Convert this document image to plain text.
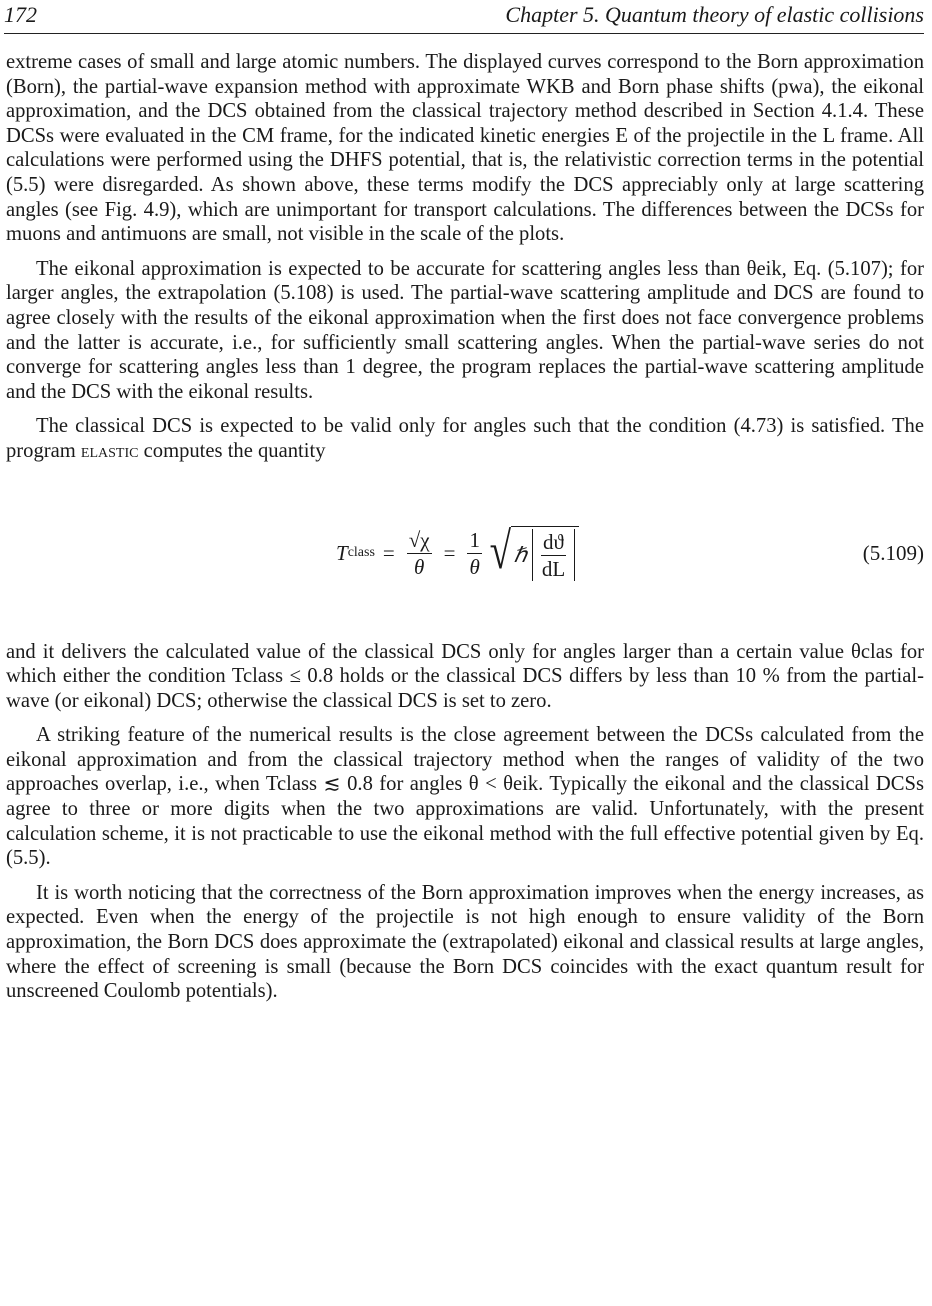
172	Chapter 5. Quantum theory of elastic collisions

extreme cases of small and large atomic numbers. The displayed curves correspond to the Born approximation (Born), the partial-wave expansion method with approximate WKB and Born phase shifts (pwa), the eikonal approximation, and the DCS obtained from the classical trajectory method described in Section 4.1.4. These DCSs were evaluated in the CM frame, for the indicated kinetic energies E of the projectile in the L frame. All calculations were performed using the DHFS potential, that is, the relativistic correction terms in the potential (5.5) were disregarded. As shown above, these terms modify the DCS appreciably only at large scattering angles (see Fig. 4.9), which are unimportant for transport calculations. The differences between the DCSs for muons and antimuons are small, not visible in the scale of the plots.

The eikonal approximation is expected to be accurate for scattering angles less than θeik, Eq. (5.107); for larger angles, the extrapolation (5.108) is used. The partial-wave scattering amplitude and DCS are found to agree closely with the results of the eikonal approximation when the first does not face convergence problems and the latter is accurate, i.e., for sufficiently small scattering angles. When the partial-wave series do not converge for scattering angles less than 1 degree, the program replaces the partial-wave scattering amplitude and the DCS with the eikonal results.

The classical DCS is expected to be valid only for angles such that the condition (4.73) is satisfied. The program elastic computes the quantity

T class = $\frac{√\chi}{\theta} = \frac{1}{\theta}$ √ ℏ $\frac{dϑ}{dL}$	(5.109)

and it delivers the calculated value of the classical DCS only for angles larger than a certain value θclas for which either the condition Tclass ≤ 0.8 holds or the classical DCS differs by less than 10 % from the partial-wave (or eikonal) DCS; otherwise the classical DCS is set to zero.

A striking feature of the numerical results is the close agreement between the DCSs calculated from the eikonal approximation and from the classical trajectory method when the ranges of validity of the two approaches overlap, i.e., when Tclass ≲ 0.8 for angles θ < θeik. Typically the eikonal and the classical DCSs agree to three or more digits when the two approximations are valid. Unfortunately, with the present calculation scheme, it is not practicable to use the eikonal method with the full effective potential given by Eq. (5.5).

It is worth noticing that the correctness of the Born approximation improves when the energy increases, as expected. Even when the energy of the projectile is not high enough to ensure validity of the Born approximation, the Born DCS does approximate the (extrapolated) eikonal and classical results at large angles, where the effect of screening is small (because the Born DCS coincides with the exact quantum result for unscreened Coulomb potentials).
